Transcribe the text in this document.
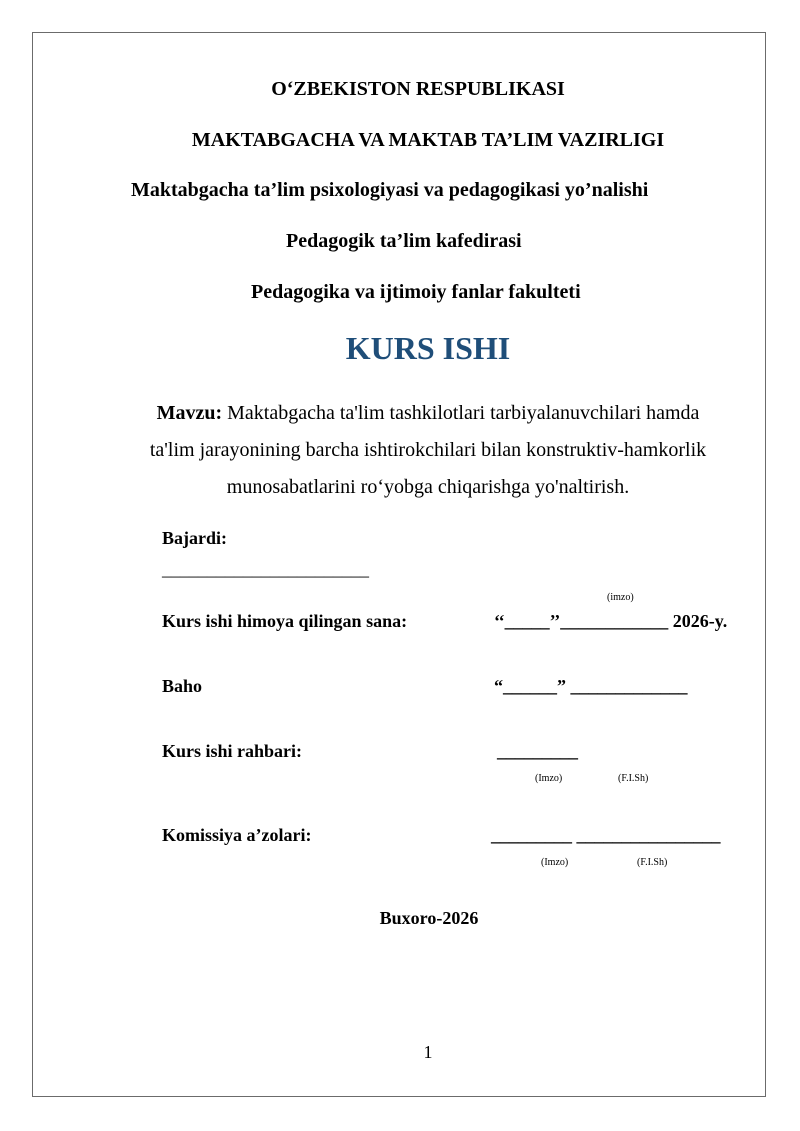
O‘ZBEKISTON RESPUBLIKASI
MAKTABGACHA VA MAKTAB TA’LIM VAZIRLIGI
Maktabgacha ta’lim psixologiyasi va pedagogikasi yo’nalishi
Pedagogik ta’lim kafedirasi
Pedagogika va ijtimoiy fanlar fakulteti
KURS ISHI
Mavzu: Maktabgacha ta'lim tashkilotlari tarbiyalanuvchilari hamda
ta'lim jarayonining barcha ishtirokchilari bilan konstruktiv-hamkorlik
munosabatlarini ro‘yobga chiqarishga yo'naltirish.
Bajardi:
_______________________
(imzo)
Kurs ishi himoya qilingan sana:	‘‘_____’’____________ 2026-y.
Baho	“______” _____________
Kurs ishi rahbari:	_________
(Imzo)	(F.I.Sh)
Komissiya a’zolari:	_________ ________________
(Imzo)	(F.I.Sh)
Buxoro-2026
1
